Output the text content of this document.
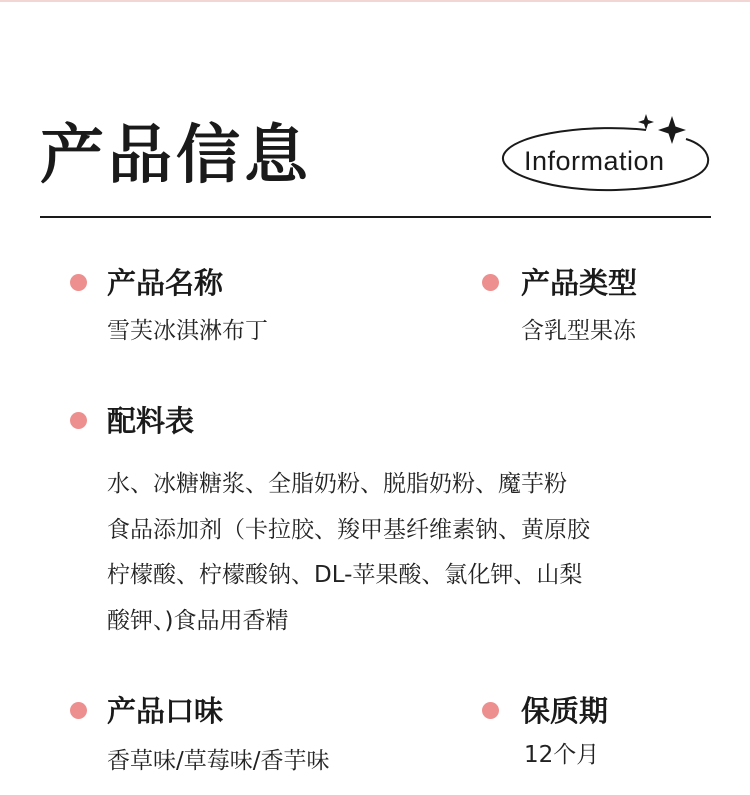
产品信息	Information
产品名称
雪芙冰淇淋布丁
产品类型
含乳型果冻
配料表
水、冰糖糖浆、全脂奶粉、脱脂奶粉、魔芋粉
食品添加剂（卡拉胶、羧甲基纤维素钠、黄原胶
柠檬酸、柠檬酸钠、DL-苹果酸、氯化钾、山梨
酸钾、)食品用香精
产品口味
香草味/草莓味/香芋味
保质期
12个月
